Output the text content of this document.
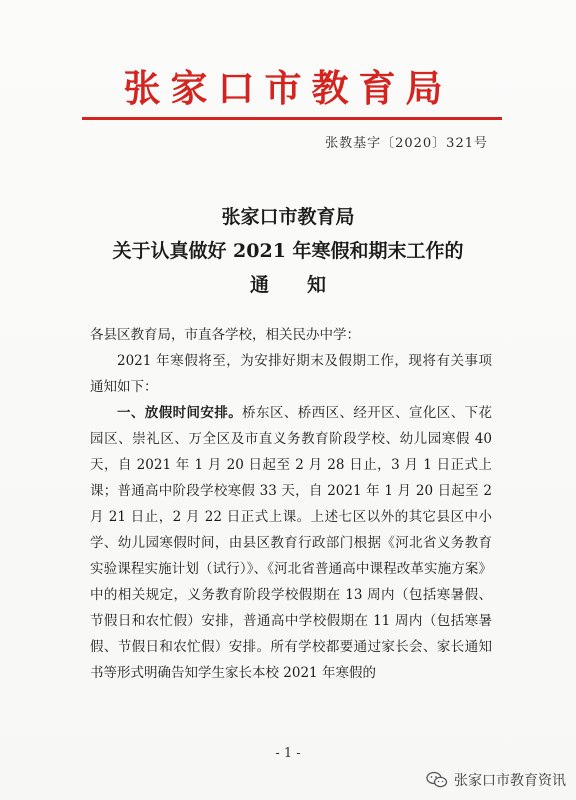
张家口市教育局
张教基字〔2020〕321号
张家口市教育局
关于认真做好 2021 年寒假和期末工作的
通知

各县区教育局，市直各学校，相关民办中学：

2021 年寒假将至，为安排好期末及假期工作，现将有关事项通知如下：

一、放假时间安排。桥东区、桥西区、经开区、宣化区、下花园区、崇礼区、万全区及市直义务教育阶段学校、幼儿园寒假 40 天，自 2021 年 1 月 20 日起至 2 月 28 日止，3 月 1 日正式上课；普通高中阶段学校寒假 33 天，自 2021 年 1 月 20 日起至 2 月 21 日止，2 月 22 日正式上课。上述七区以外的其它县区中小学、幼儿园寒假时间，由县区教育行政部门根据《河北省义务教育实验课程实施计划（试行）》、《河北省普通高中课程改革实施方案》中的相关规定，义务教育阶段学校假期在 13 周内（包括寒暑假、节假日和农忙假）安排，普通高中学校假期在 11 周内（包括寒暑假、节假日和农忙假）安排。所有学校都要通过家长会、家长通知书等形式明确告知学生家长本校 2021 年寒假的

- 1 -
张家口市教育资讯
